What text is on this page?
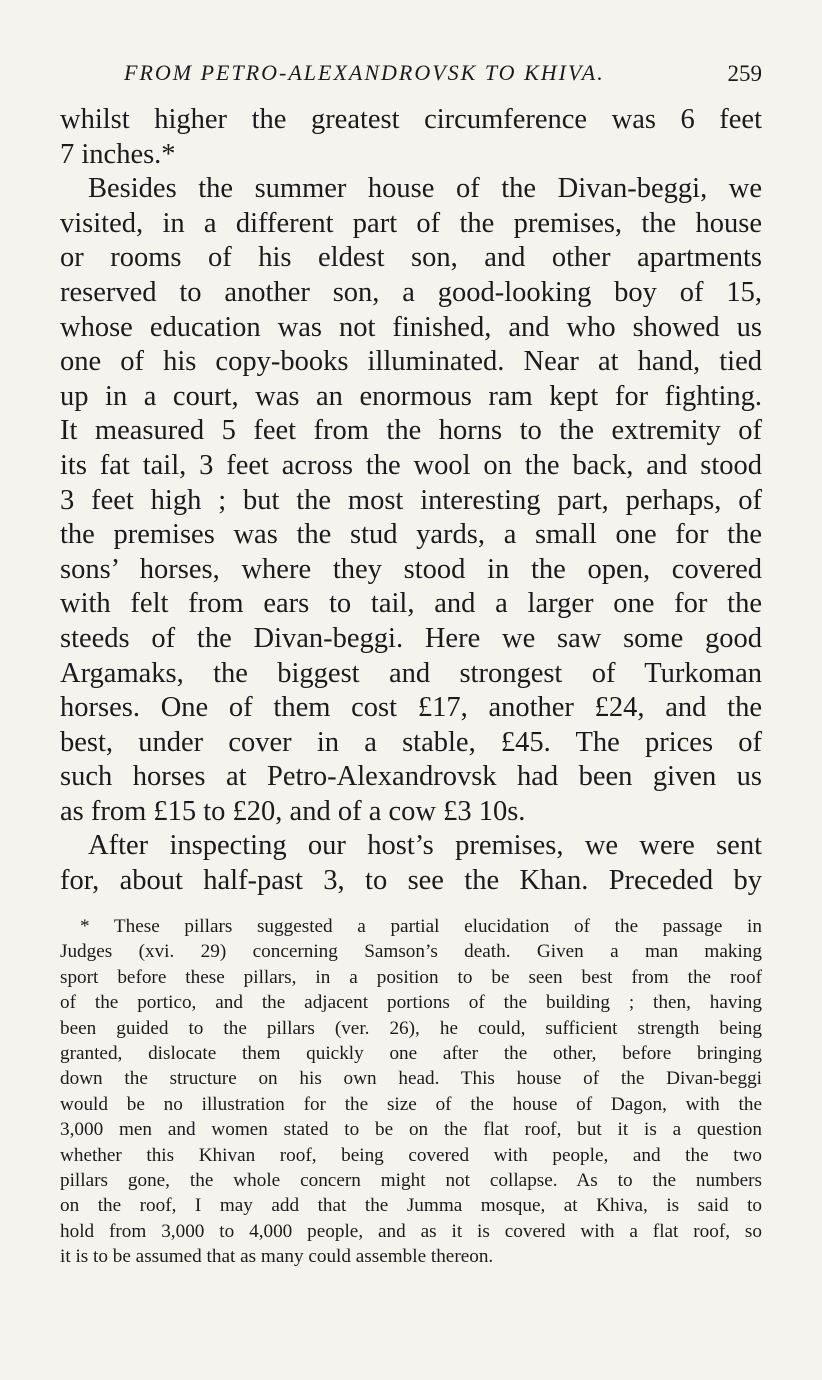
FROM PETRO-ALEXANDROVSK TO KHIVA.	259
whilst higher the greatest circumference was 6 feet
7 inches.*
Besides the summer house of the Divan-beggi, we
visited, in a different part of the premises, the house
or rooms of his eldest son, and other apartments
reserved to another son, a good-looking boy of 15,
whose education was not finished, and who showed us
one of his copy-books illuminated. Near at hand, tied
up in a court, was an enormous ram kept for fighting.
It measured 5 feet from the horns to the extremity of
its fat tail, 3 feet across the wool on the back, and stood
3 feet high ; but the most interesting part, perhaps, of
the premises was the stud yards, a small one for the
sons’ horses, where they stood in the open, covered
with felt from ears to tail, and a larger one for the
steeds of the Divan-beggi. Here we saw some good
Argamaks, the biggest and strongest of Turkoman
horses. One of them cost £17, another £24, and the
best, under cover in a stable, £45. The prices of
such horses at Petro-Alexandrovsk had been given us
as from £15 to £20, and of a cow £3 10s.
After inspecting our host’s premises, we were sent
for, about half-past 3, to see the Khan. Preceded by
* These pillars suggested a partial elucidation of the passage in
Judges (xvi. 29) concerning Samson’s death. Given a man making
sport before these pillars, in a position to be seen best from the roof
of the portico, and the adjacent portions of the building ; then, having
been guided to the pillars (ver. 26), he could, sufficient strength being
granted, dislocate them quickly one after the other, before bringing
down the structure on his own head. This house of the Divan-beggi
would be no illustration for the size of the house of Dagon, with the
3,000 men and women stated to be on the flat roof, but it is a question
whether this Khivan roof, being covered with people, and the two
pillars gone, the whole concern might not collapse. As to the numbers
on the roof, I may add that the Jumma mosque, at Khiva, is said to
hold from 3,000 to 4,000 people, and as it is covered with a flat roof, so
it is to be assumed that as many could assemble thereon.
